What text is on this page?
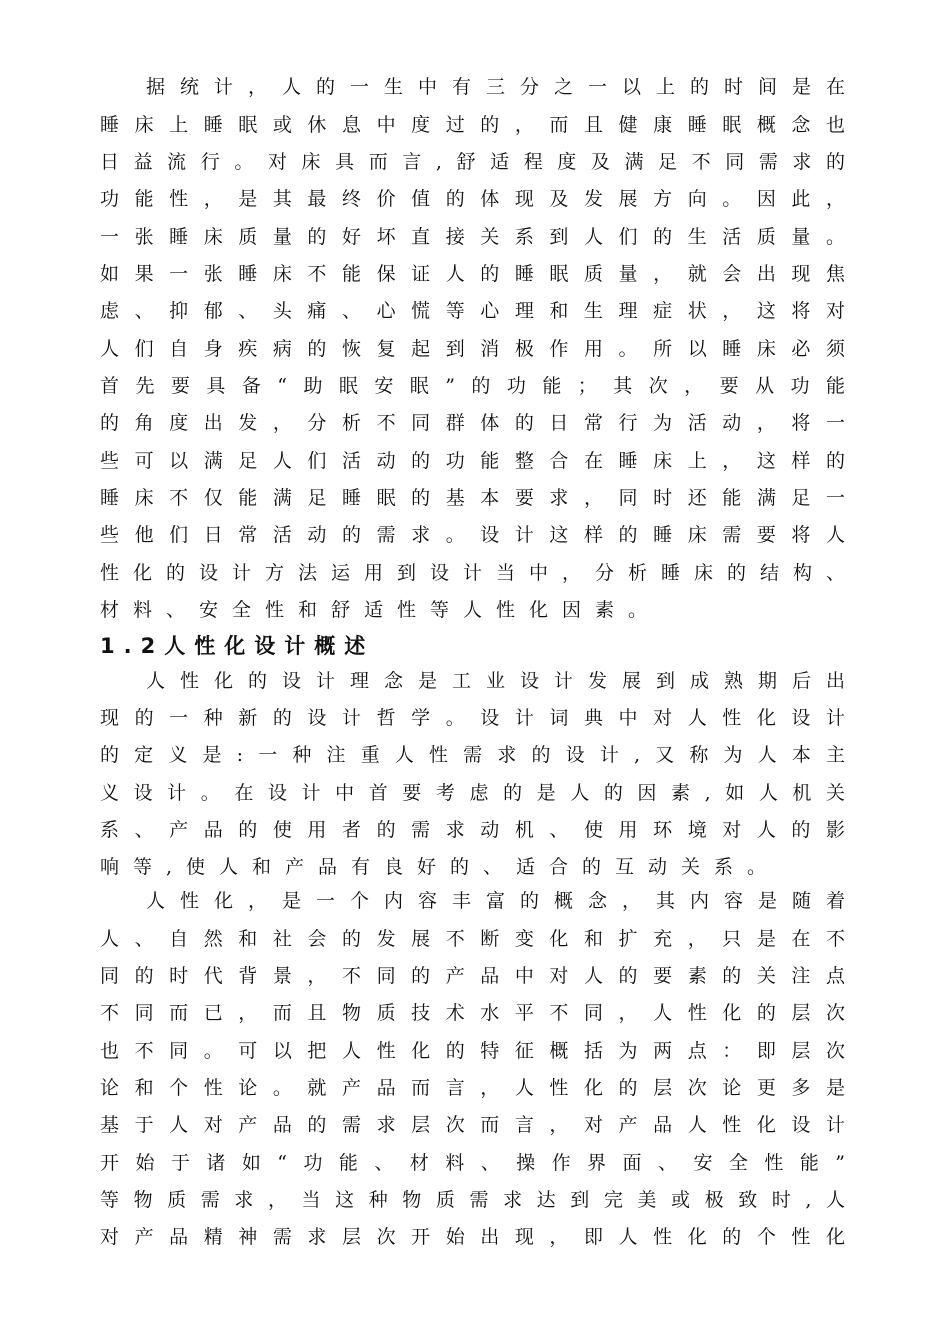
据统计，人的一生中有三分之一以上的时间是在
睡床上睡眠或休息中度过的，而且健康睡眠概念也
日益流行。对床具而言,舒适程度及满足不同需求的
功能性，是其最终价值的体现及发展方向。因此，
一张睡床质量的好坏直接关系到人们的生活质量。
如果一张睡床不能保证人的睡眠质量，就会出现焦
虑、抑郁、头痛、心慌等心理和生理症状，这将对
人们自身疾病的恢复起到消极作用。所以睡床必须
首先要具备“助眠安眠”的功能；其次，要从功能
的角度出发，分析不同群体的日常行为活动，将一
些可以满足人们活动的功能整合在睡床上，这样的
睡床不仅能满足睡眠的基本要求，同时还能满足一
些他们日常活动的需求。设计这样的睡床需要将人
性化的设计方法运用到设计当中，分析睡床的结构、
材料、安全性和舒适性等人性化因素。
1.2人性化设计概述
人性化的设计理念是工业设计发展到成熟期后出
现的一种新的设计哲学。设计词典中对人性化设计
的定义是:一种注重人性需求的设计,又称为人本主
义设计。在设计中首要考虑的是人的因素,如人机关
系、产品的使用者的需求动机、使用环境对人的影
响等,使人和产品有良好的、适合的互动关系。
人性化，是一个内容丰富的概念，其内容是随着
人、自然和社会的发展不断变化和扩充，只是在不
同的时代背景，不同的产品中对人的要素的关注点
不同而已，而且物质技术水平不同，人性化的层次
也不同。可以把人性化的特征概括为两点：即层次
论和个性论。就产品而言，人性化的层次论更多是
基于人对产品的需求层次而言，对产品人性化设计
开始于诸如“功能、材料、操作界面、安全性能”
等物质需求，当这种物质需求达到完美或极致时,人
对产品精神需求层次开始出现，即人性化的个性化
